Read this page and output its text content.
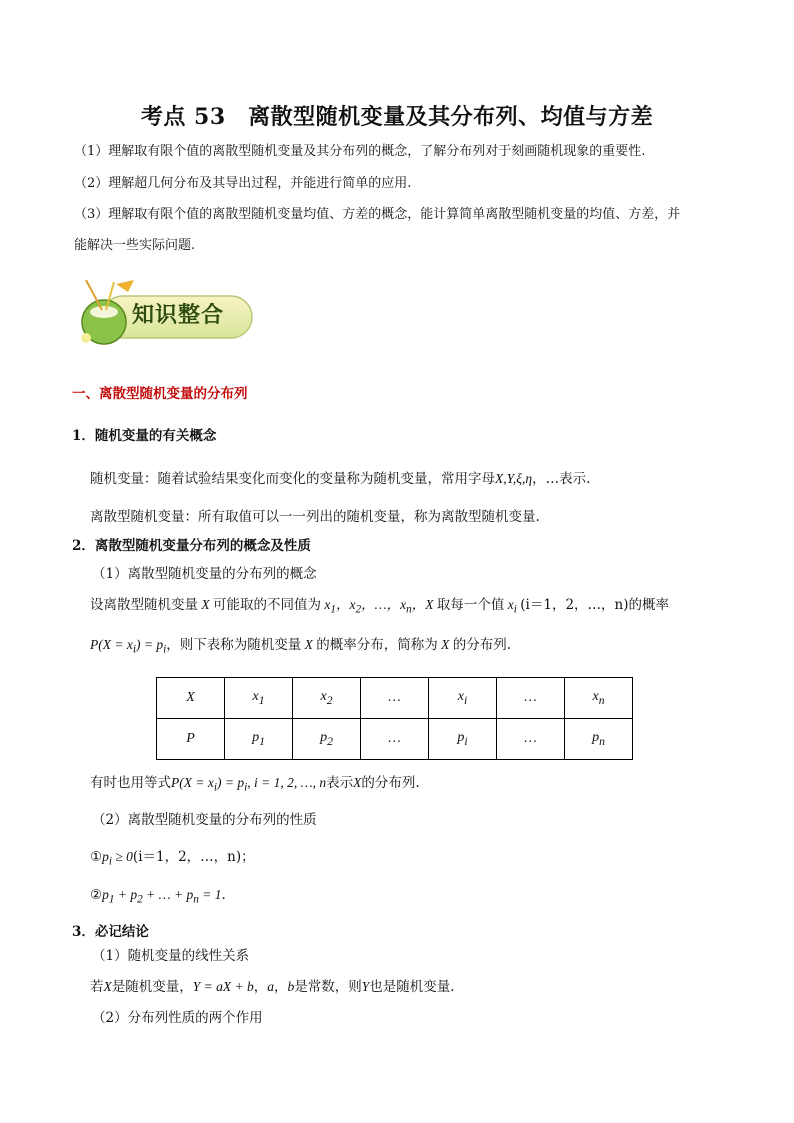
考点 53　离散型随机变量及其分布列、均值与方差
（1）理解取有限个值的离散型随机变量及其分布列的概念，了解分布列对于刻画随机现象的重要性.
（2）理解超几何分布及其导出过程，并能进行简单的应用.
（3）理解取有限个值的离散型随机变量均值、方差的概念，能计算简单离散型随机变量的均值、方差，并
能解决一些实际问题.
知识整合
一、离散型随机变量的分布列
1．随机变量的有关概念
随机变量：随着试验结果变化而变化的变量称为随机变量，常用字母X,Y,ξ,η，…表示.
离散型随机变量：所有取值可以一一列出的随机变量，称为离散型随机变量.
2．离散型随机变量分布列的概念及性质
（1）离散型随机变量的分布列的概念
设离散型随机变量 X 可能取的不同值为 $x_1$，$x_2$，…，$x_n$，X 取每一个值 $x_i$ (i＝1，2，…，n)的概率
$P(X = x_i) = p_i$，则下表称为随机变量 X 的概率分布，简称为 X 的分布列.
X	$x_1$	$x_2$	…	$x_i$	…	$x_n$
P	$p_1$	$p_2$	…	$p_i$	…	$p_n$
有时也用等式$P(X = x_i) = p_i$, i = 1, 2, …, n表示X的分布列.
（2）离散型随机变量的分布列的性质
$①p_i \ge 0(i=1$，2，…，n)；
$②p_1 + p_2$ + … + $p_n = 1$.
3．必记结论
（1）随机变量的线性关系
若X是随机变量，Y = aX + b，a，b是常数，则Y也是随机变量.
（2）分布列性质的两个作用
